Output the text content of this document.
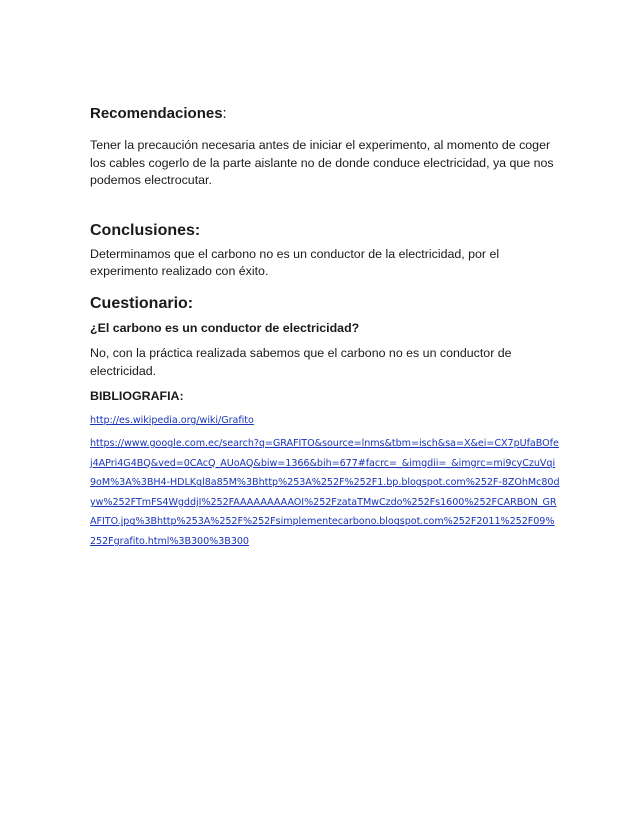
Recomendaciones:

Tener la precaución necesaria antes de iniciar el experimento, al momento de coger los cables cogerlo de la parte aislante no de donde conduce electricidad, ya que nos podemos electrocutar.

Conclusiones:

Determinamos que el carbono no es un conductor de la electricidad, por el experimento realizado con éxito.

Cuestionario:

¿El carbono es un conductor de electricidad?

No, con la práctica realizada sabemos que el carbono no es un conductor de electricidad.

BIBLIOGRAFIA:

http://es.wikipedia.org/wiki/Grafito

https://www.google.com.ec/search?q=GRAFITO&source=lnms&tbm=isch&sa=X&ei=CX7pUfaBOfej4APri4G4BQ&ved=0CAcQ_AUoAQ&biw=1366&bih=677#facrc=_&imgdii=_&imgrc=mi9cyCzuVqi9oM%3A%3BH4-HDLKgl8a85M%3Bhttp%253A%252F%252F1.bp.blogspot.com%252F-8ZOhMc80dyw%252FTmFS4WgddjI%252FAAAAAAAAAOI%252FzataTMwCzdo%252Fs1600%252FCARBON_GRAFITO.jpg%3Bhttp%253A%252F%252Fsimplementecarbono.blogspot.com%252F2011%252F09%252Fgrafito.html%3B300%3B300
